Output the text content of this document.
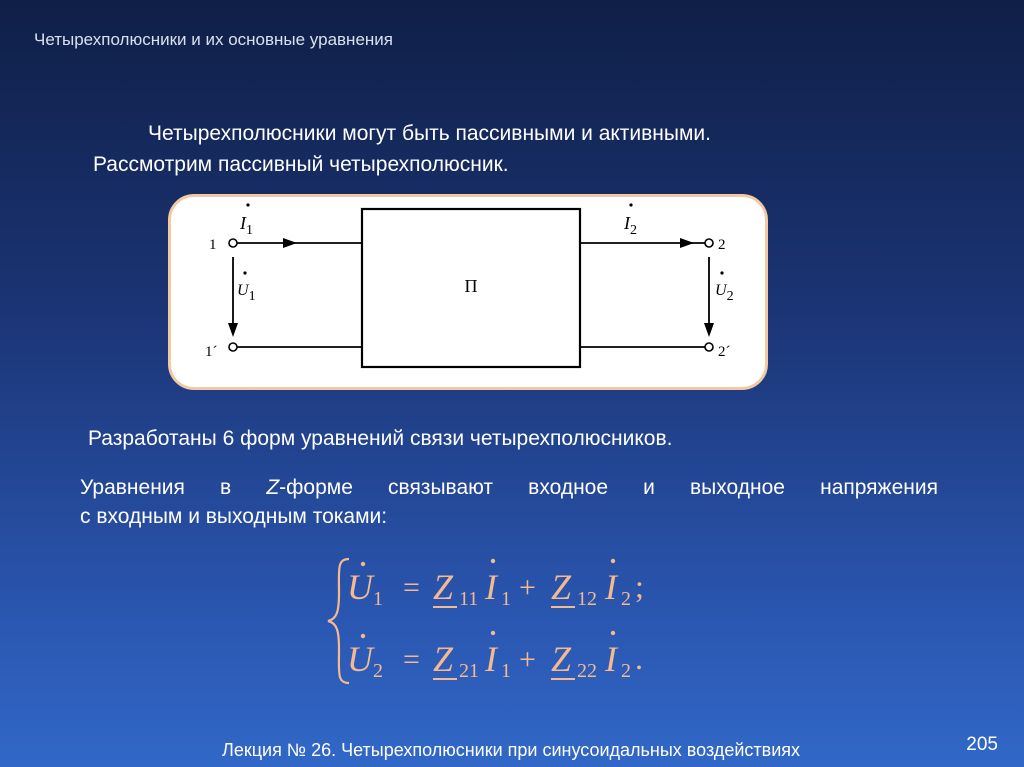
Четырехполюсники и их основные уравнения
Четырехполюсники могут быть пассивными и активными.
Рассмотрим пассивный четырехполюсник.
П
1
1´
2
2´
$I_1$	$I_2$
U1	U2
Разработаны 6 форм уравнений связи четырехполюсников.
Уравнения в Z-форме связывают входное и выходное напряжения
с входным и выходным токами:
U 1 = Z 11 I 1 + Z 12 I 2 ;
U 2 = Z 21 I 1 + Z 22 I 2 .
Лекция № 26. Четырехполюсники при синусоидальных воздействиях	205
